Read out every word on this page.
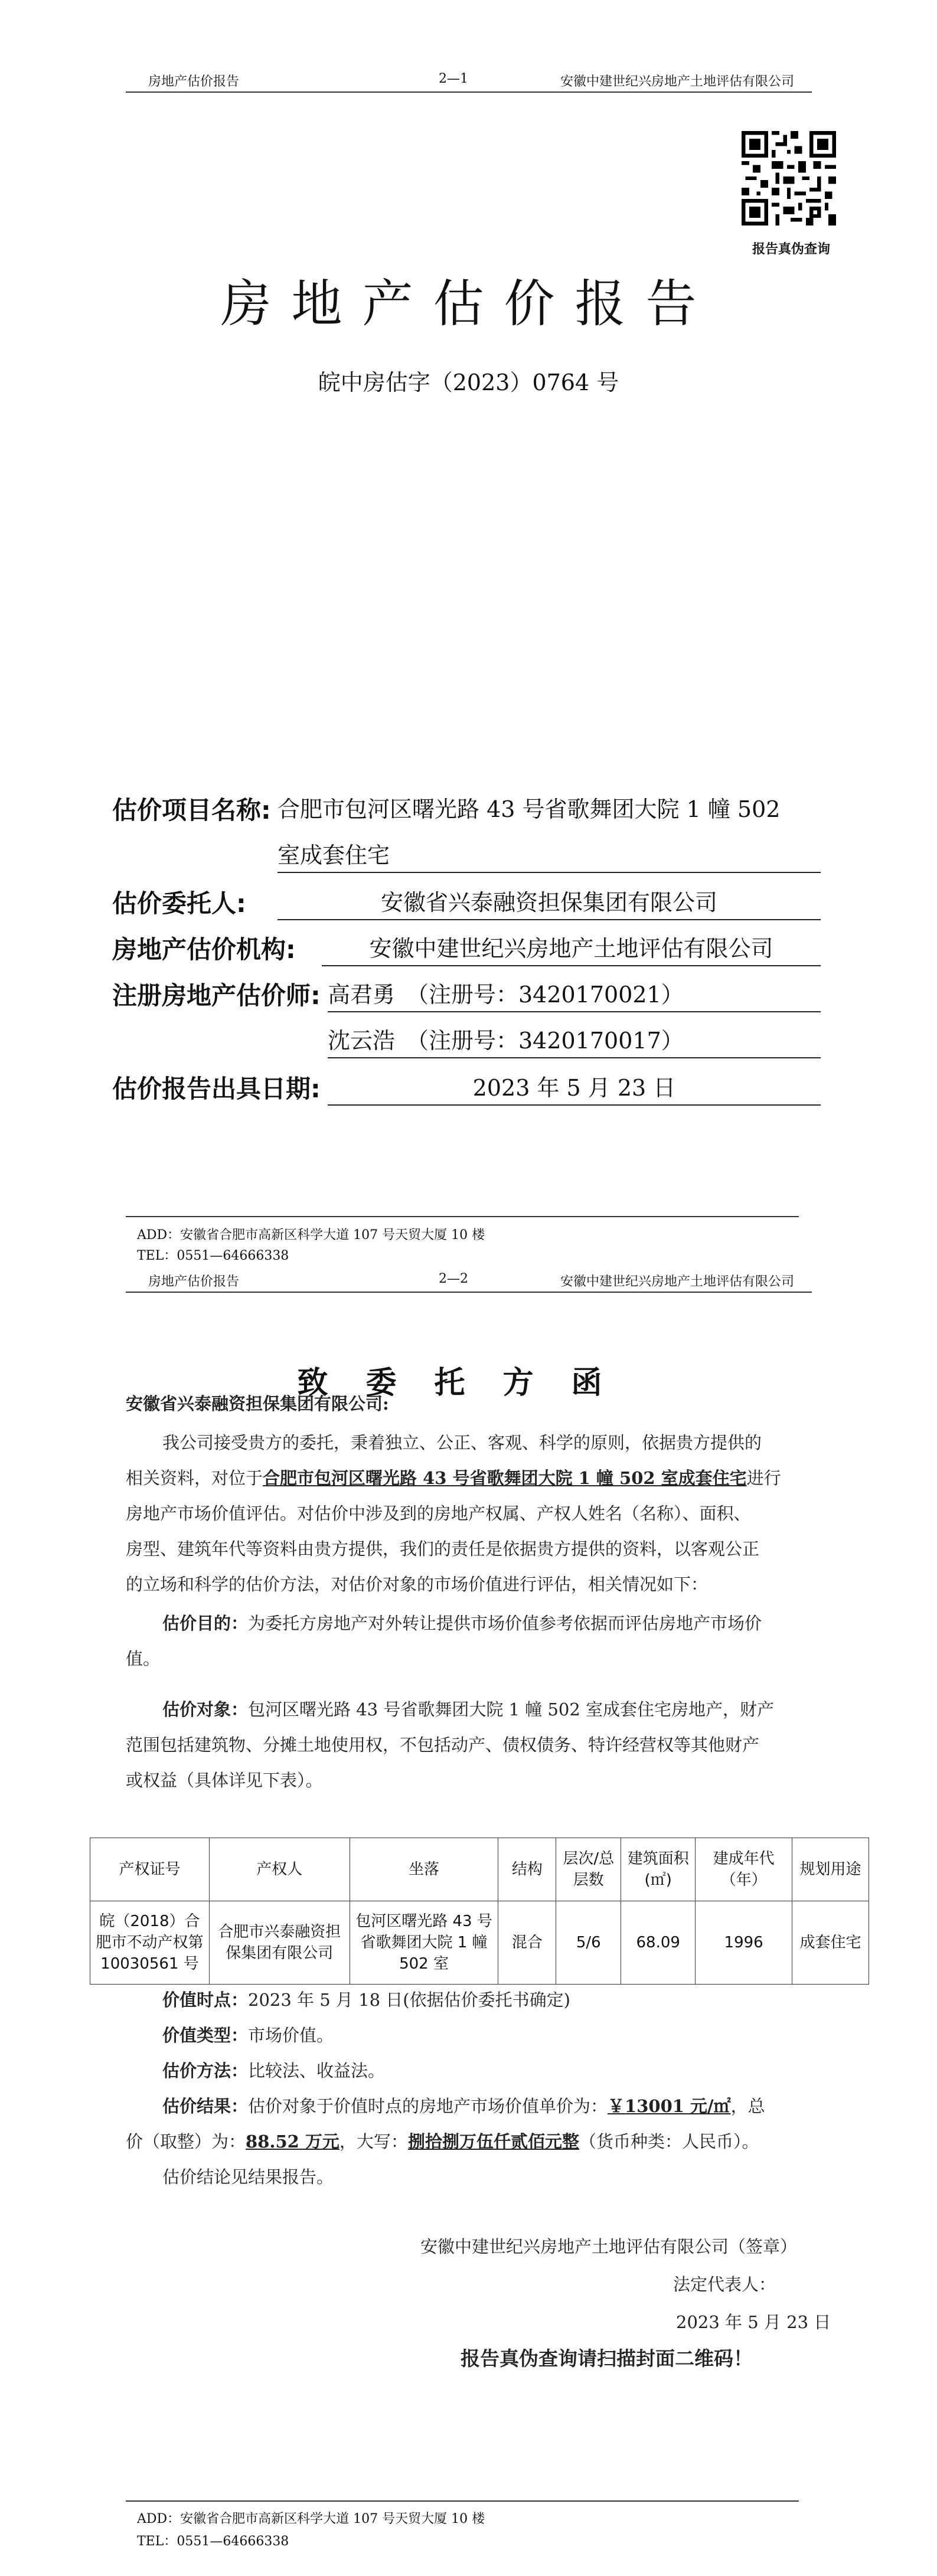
房地产估价报告	2—1	安徽中建世纪兴房地产土地评估有限公司
报告真伪查询
房地产估价报告
皖中房估字（2023）0764 号
估价项目名称: 合肥市包河区曙光路 43 号省歌舞团大院 1 幢 502
室成套住宅
估价委托人:	安徽省兴泰融资担保集团有限公司
房地产估价机构:	安徽中建世纪兴房地产土地评估有限公司
注册房地产估价师: 高君勇　（注册号：3420170021）
沈云浩　（注册号：3420170017）
估价报告出具日期:	2023 年 5 月 23 日
ADD：安徽省合肥市高新区科学大道 107 号天贸大厦 10 楼
TEL：0551—64666338
房地产估价报告	2—2	安徽中建世纪兴房地产土地评估有限公司
致委托方函
安徽省兴泰融资担保集团有限公司:
我公司接受贵方的委托，秉着独立、公正、客观、科学的原则，依据贵方提供的
相关资料，对位于合肥市包河区曙光路 43 号省歌舞团大院 1 幢 502 室成套住宅进行
房地产市场价值评估。对估价中涉及到的房地产权属、产权人姓名（名称）、面积、
房型、建筑年代等资料由贵方提供，我们的责任是依据贵方提供的资料，以客观公正
的立场和科学的估价方法，对估价对象的市场价值进行评估，相关情况如下：
估价目的：为委托方房地产对外转让提供市场价值参考依据而评估房地产市场价
值。
估价对象：包河区曙光路 43 号省歌舞团大院 1 幢 502 室成套住宅房地产，财产
范围包括建筑物、分摊土地使用权，不包括动产、债权债务、特许经营权等其他财产
或权益（具体详见下表）。
产权证号	产权人	坐落	结构	层次/总层数	建筑面积(㎡)	建成年代（年）	规划用途
皖（2018）合肥市不动产权第 10030561 号	合肥市兴泰融资担保集团有限公司	包河区曙光路 43 号省歌舞团大院 1 幢 502 室	混合	5/6	68.09	1996	成套住宅
价值时点：2023 年 5 月 18 日(依据估价委托书确定)
价值类型：市场价值。
估价方法：比较法、收益法。
估价结果：估价对象于价值时点的房地产市场价值单价为：￥13001 元/㎡，总
价（取整）为：88.52 万元，大写：捌拾捌万伍仟贰佰元整（货币种类：人民币）。
估价结论见结果报告。
安徽中建世纪兴房地产土地评估有限公司（签章）
法定代表人：
2023 年 5 月 23 日
报告真伪查询请扫描封面二维码！
ADD：安徽省合肥市高新区科学大道 107 号天贸大厦 10 楼
TEL：0551—64666338
